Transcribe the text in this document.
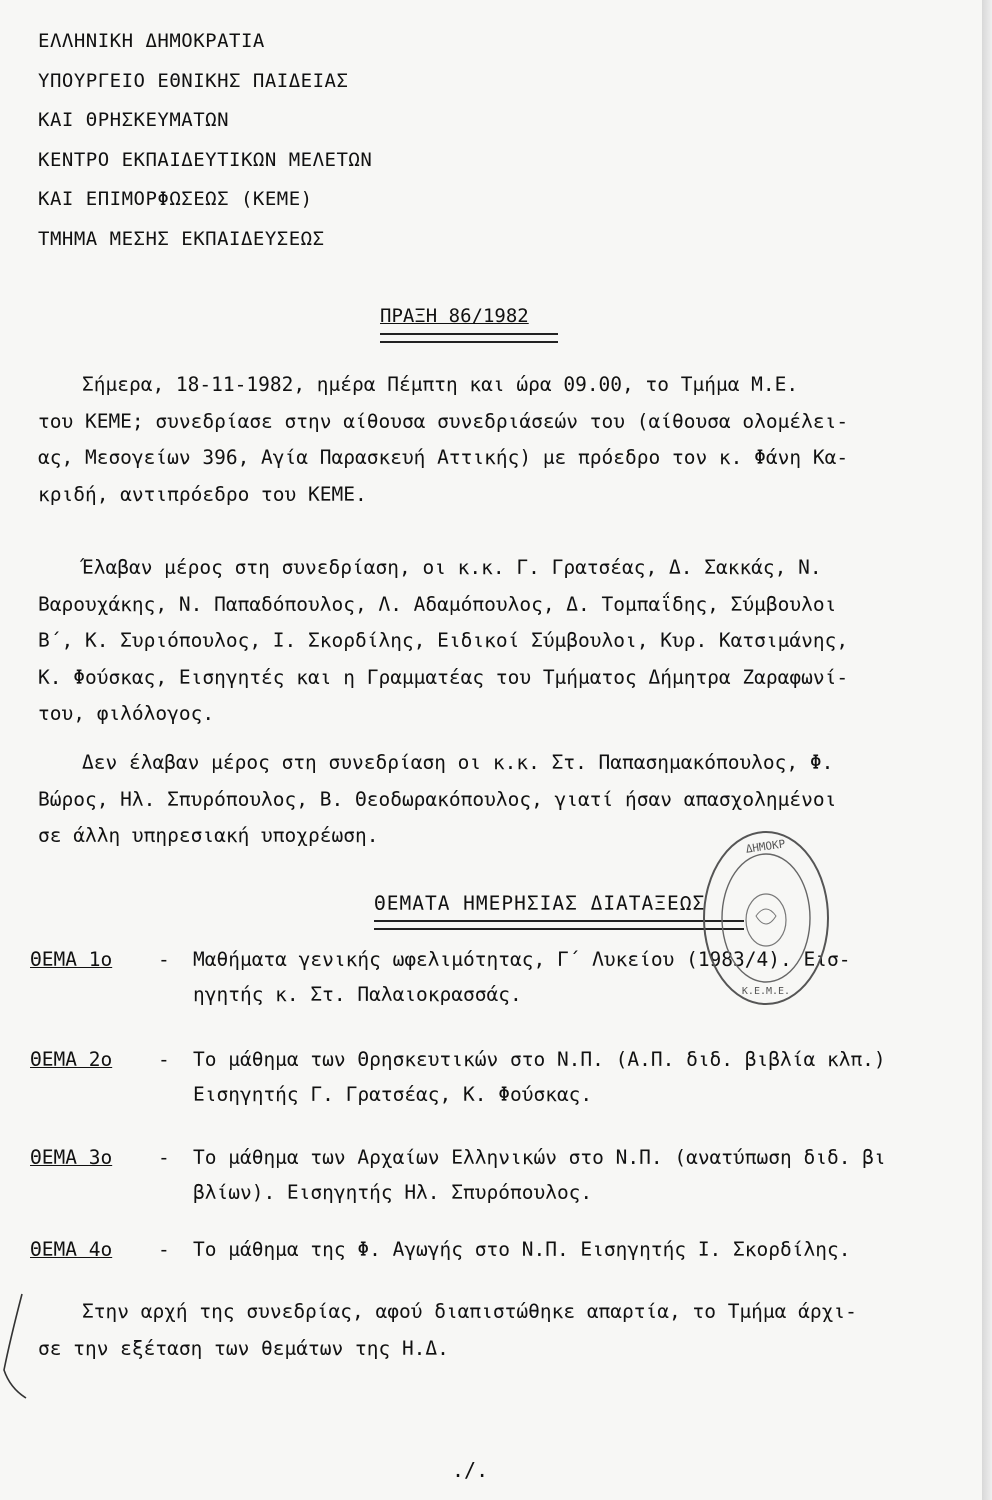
ΕΛΛΗΝΙΚΗ ΔΗΜΟΚΡΑΤΙΑ
ΥΠΟΥΡΓΕΙΟ ΕΘΝΙΚΗΣ ΠΑΙΔΕΙΑΣ
ΚΑΙ ΘΡΗΣΚΕΥΜΑΤΩΝ
ΚΕΝΤΡΟ ΕΚΠΑΙΔΕΥΤΙΚΩΝ ΜΕΛΕΤΩΝ
ΚΑΙ ΕΠΙΜΟΡΦΩΣΕΩΣ (ΚΕΜΕ)
ΤΜΗΜΑ ΜΕΣΗΣ ΕΚΠΑΙΔΕΥΣΕΩΣ
ΠΡΑΞΗ 86/1982
Σήμερα, 18-11-1982, ημέρα Πέμπτη και ώρα 09.00, το Τμήμα Μ.Ε.
του ΚΕΜΕ; συνεδρίασε στην αίθουσα συνεδριάσεών του (αίθουσα ολομέλει-
ας, Μεσογείων 396, Αγία Παρασκευή Αττικής) με πρόεδρο τον κ. Φάνη Κα-
κριδή, αντιπρόεδρο του ΚΕΜΕ.
Έλαβαν μέρος στη συνεδρίαση, οι κ.κ. Γ. Γρατσέας, Δ. Σακκάς, Ν.
Βαρουχάκης, Ν. Παπαδόπουλος, Λ. Αδαμόπουλος, Δ. Τομπαΐδης, Σύμβουλοι
Β΄, Κ. Συριόπουλος, Ι. Σκορδίλης, Ειδικοί Σύμβουλοι, Κυρ. Κατσιμάνης,
Κ. Φούσκας, Εισηγητές και η Γραμματέας του Τμήματος Δήμητρα Ζαραφωνί-
του, φιλόλογος.
Δεν έλαβαν μέρος στη συνεδρίαση οι κ.κ. Στ. Παπασημακόπουλος, Φ.
Βώρος, Ηλ. Σπυρόπουλος, Β. Θεοδωρακόπουλος, γιατί ήσαν απασχολημένοι
σε άλλη υπηρεσιακή υποχρέωση.
ΘΕΜΑΤΑ ΗΜΕΡΗΣΙΑΣ ΔΙΑΤΑΞΕΩΣ
ΘΕΜΑ 1ο - Μαθήματα γενικής ωφελιμότητας, Γ΄ Λυκείου (1983/4). Εισ-
ηγητής κ. Στ. Παλαιοκρασσάς.
ΘΕΜΑ 2ο - Το μάθημα των Θρησκευτικών στο Ν.Π. (Α.Π. διδ. βιβλία κλπ.)
Εισηγητής Γ. Γρατσέας, Κ. Φούσκας.
ΘΕΜΑ 3ο - Το μάθημα των Αρχαίων Ελληνικών στο Ν.Π. (ανατύπωση διδ. βι
βλίων). Εισηγητής Ηλ. Σπυρόπουλος.
ΘΕΜΑ 4ο - Το μάθημα της Φ. Αγωγής στο Ν.Π. Εισηγητής Ι. Σκορδίλης.
Στην αρχή της συνεδρίας, αφού διαπιστώθηκε απαρτία, το Τμήμα άρχι-
σε την εξέταση των θεμάτων της Η.Δ.
./.
ΔΗΜΟΚΡ
Κ.Ε.Μ.Ε.
